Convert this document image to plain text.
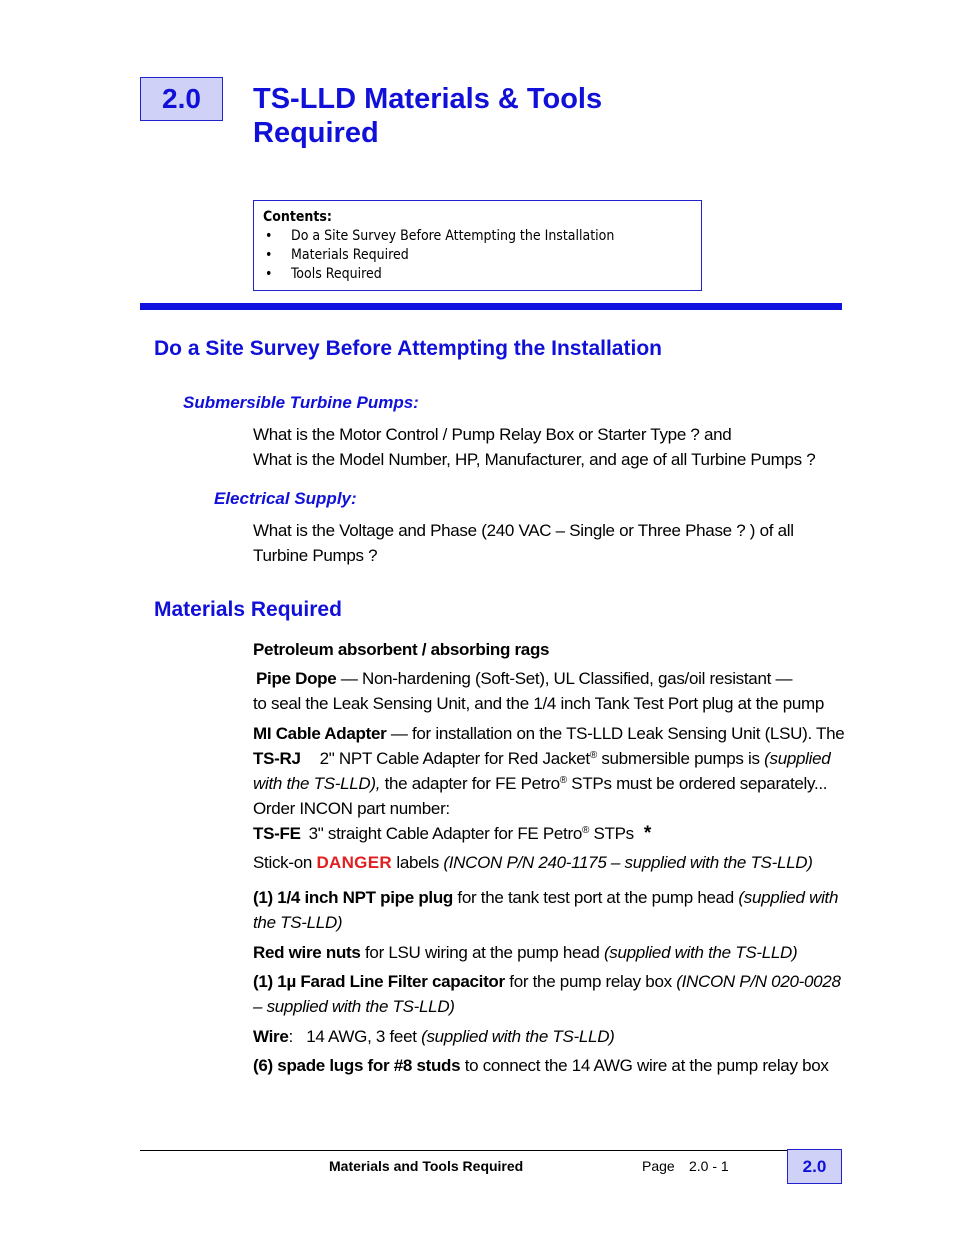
2.0	TS-LLD Materials & Tools
Required
Contents:
• Do a Site Survey Before Attempting the Installation
• Materials Required
• Tools Required
Do a Site Survey Before Attempting the Installation
Submersible Turbine Pumps:
What is the Motor Control / Pump Relay Box or Starter Type ? and
What is the Model Number, HP, Manufacturer, and age of all Turbine Pumps ?
Electrical Supply:
What is the Voltage and Phase (240 VAC – Single or Three Phase ? ) of all
Turbine Pumps ?
Materials Required
Petroleum absorbent / absorbing rags
Pipe Dope — Non-hardening (Soft-Set), UL Classified, gas/oil resistant —
to seal the Leak Sensing Unit, and the 1/4 inch Tank Test Port plug at the pump
MI Cable Adapter — for installation on the TS-LLD Leak Sensing Unit (LSU). The
TS-RJ 2" NPT Cable Adapter for Red Jacket® submersible pumps is (supplied
with the TS-LLD), the adapter for FE Petro® STPs must be ordered separately...
Order INCON part number:
TS-FE 3" straight Cable Adapter for FE Petro® STPs *
Stick-on DANGER labels (INCON P/N 240-1175 – supplied with the TS-LLD)
(1) 1/4 inch NPT pipe plug for the tank test port at the pump head (supplied with
the TS-LLD)
Red wire nuts for LSU wiring at the pump head (supplied with the TS-LLD)
(1) 1µ Farad Line Filter capacitor for the pump relay box (INCON P/N 020-0028
– supplied with the TS-LLD)
Wire:   14 AWG, 3 feet (supplied with the TS-LLD)
(6) spade lugs for #8 studs to connect the 14 AWG wire at the pump relay box
Materials and Tools Required	Page 2.0 - 1	2.0
